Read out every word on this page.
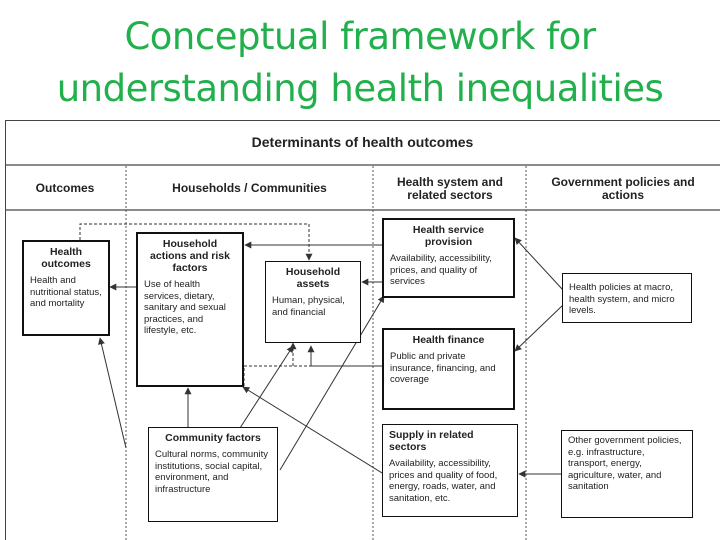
Conceptual framework for
understanding health inequalities
Determinants of health outcomes
Outcomes	Households / Communities	Health system and related sectors
Government policies and actions
Health outcomes
Health and nutritional status, and mortality
Household actions and risk factors
Use of health services, dietary, sanitary and sexual practices, and lifestyle, etc.
Household assets
Human, physical, and financial
Community factors
Cultural norms, community institutions, social capital, environment, and infrastructure
Health service provision
Availability, accessibility, prices, and quality of services
Health finance
Public and private insurance, financing, and coverage
Supply in related sectors
Availability, accessibility, prices and quality of food, energy, roads, water, and sanitation, etc.
Health policies at macro, health system, and micro levels.
Other government policies, e.g. infrastructure, transport, energy, agriculture, water, and sanitation
